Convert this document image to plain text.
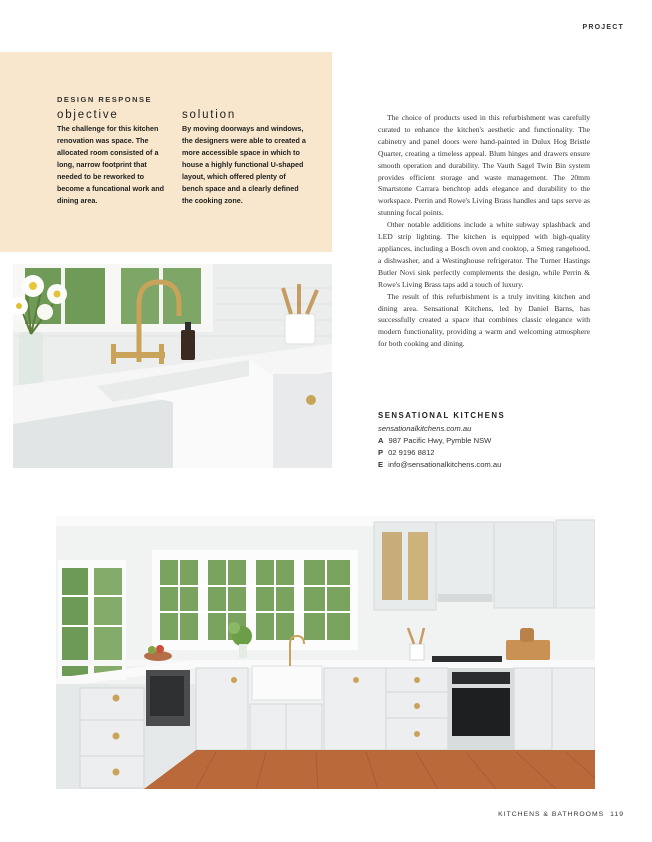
PROJECT
DESIGN RESPONSE
objective
The challenge for this kitchen renovation was space. The allocated room consisted of a long, narrow footprint that needed to be reworked to become a funcational work and dining area.
solution
By moving doorways and windows, the designers were able to created a more accessible space in which to house a highly functional U-shaped layout, which offered plenty of bench space and a clearly defined the cooking zone.

The choice of products used in this refurbishment was carefully curated to enhance the kitchen's aesthetic and functionality. The cabinetry and panel doors were hand-painted in Dulux Hog Bristle Quarter, creating a timeless appeal. Blum hinges and drawers ensure smooth operation and durability. The Vauth Sagel Twin Bin system provides efficient storage and waste management. The 20mm Smartstone Carrara benchtop adds elegance and durability to the workspace. Perrin and Rowe's Living Brass handles and taps serve as stunning focal points.

Other notable additions include a white subway splashback and LED strip lighting. The kitchen is equipped with high-quality appliances, including a Bosch oven and cooktop, a Smeg rangehood, a dishwasher, and a Westinghouse refrigerator. The Turner Hastings Butler Novi sink perfectly complements the design, while Perrin & Rowe's Living Brass taps add a touch of luxury.

The result of this refurbishment is a truly inviting kitchen and dining area. Sensational Kitchens, led by Daniel Barns, has successfully created a space that combines classic elegance with modern functionality, providing a warm and welcoming atmosphere for both cooking and dining.

SENSATIONAL KITCHENS
sensationalkitchens.com.au
A 987 Pacific Hwy, Pymble NSW
P 02 9196 8812
E info@sensationalkitchens.com.au
KITCHENS & BATHROOMS 119
